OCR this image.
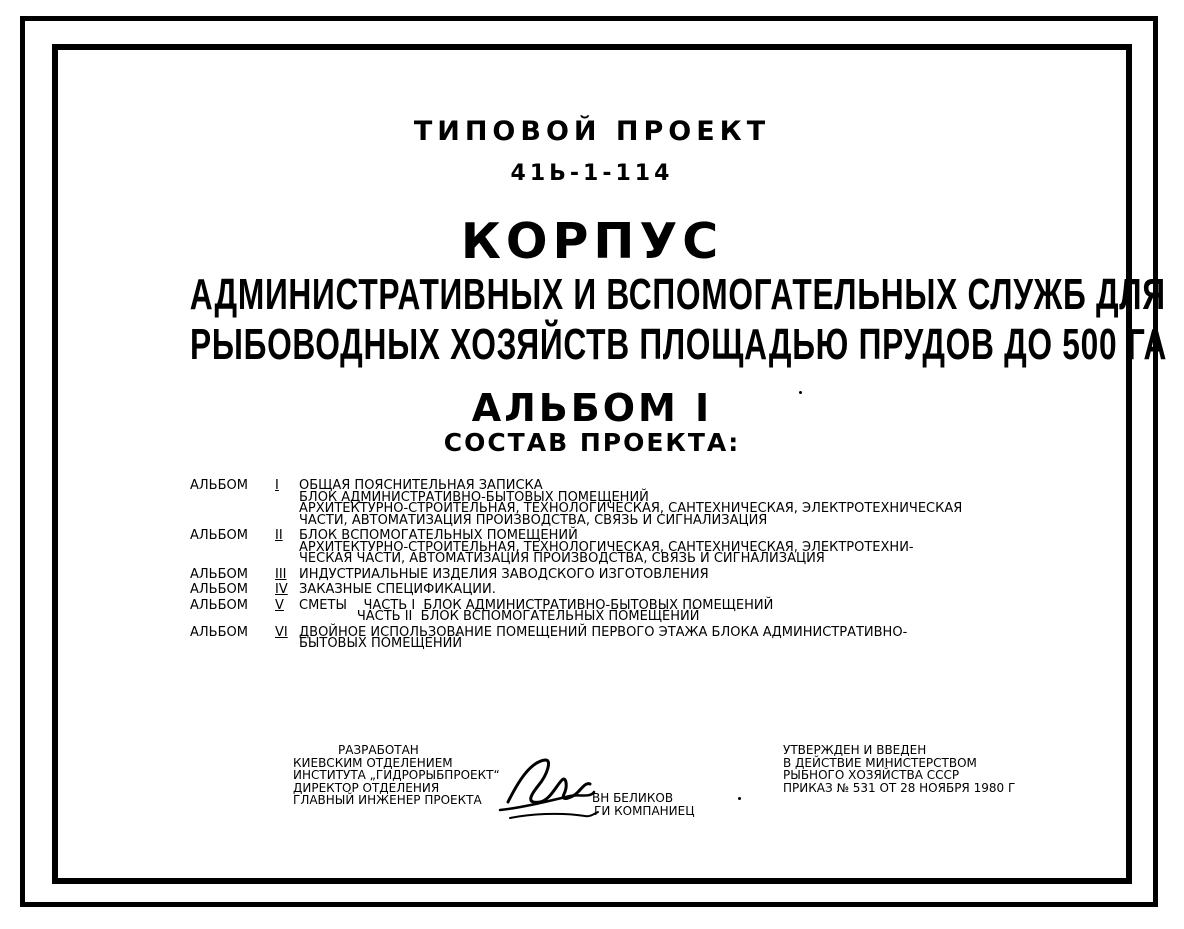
ТИПОВОЙ ПРОЕКТ
41Ь-1-114
КОРПУС
АДМИНИСТРАТИВНЫХ И ВСПОМОГАТЕЛЬНЫХ СЛУЖБ ДЛЯ
РЫБОВОДНЫХ ХОЗЯЙСТВ ПЛОЩАДЬЮ ПРУДОВ ДО 500 ГА
АЛЬБОМ I
СОСТАВ ПРОЕКТА:
АЛЬБОМ	I	ОБЩАЯ ПОЯСНИТЕЛЬНАЯ ЗАПИСКА
БЛОК АДМИНИСТРАТИВНО-БЫТОВЫХ ПОМЕЩЕНИЙ
АРХИТЕКТУРНО-СТРОИТЕЛЬНАЯ, ТЕХНОЛОГИЧЕСКАЯ, САНТЕХНИЧЕСКАЯ, ЭЛЕКТРОТЕХНИЧЕСКАЯ
ЧАСТИ, АВТОМАТИЗАЦИЯ ПРОИЗВОДСТВА, СВЯЗЬ И СИГНАЛИЗАЦИЯ
АЛЬБОМ	II	БЛОК ВСПОМОГАТЕЛЬНЫХ ПОМЕЩЕНИЙ
АРХИТЕКТУРНО-СТРОИТЕЛЬНАЯ, ТЕХНОЛОГИЧЕСКАЯ, САНТЕХНИЧЕСКАЯ, ЭЛЕКТРОТЕХНИ-
ЧЕСКАЯ ЧАСТИ, АВТОМАТИЗАЦИЯ ПРОИЗВОДСТВА, СВЯЗЬ И СИГНАЛИЗАЦИЯ
АЛЬБОМ	III ИНДУСТРИАЛЬНЫЕ ИЗДЕЛИЯ ЗАВОДСКОГО ИЗГОТОВЛЕНИЯ
АЛЬБОМ	IV ЗАКАЗНЫЕ СПЕЦИФИКАЦИИ.
АЛЬБОМ	V	СМЕТЫ    ЧАСТЬ I  БЛОК АДМИНИСТРАТИВНО-БЫТОВЫХ ПОМЕЩЕНИЙ
ЧАСТЬ II  БЛОК ВСПОМОГАТЕЛЬНЫХ ПОМЕЩЕНИЙ
АЛЬБОМ	VI ДВОЙНОЕ ИСПОЛЬЗОВАНИЕ ПОМЕЩЕНИЙ ПЕРВОГО ЭТАЖА БЛОКА АДМИНИСТРАТИВНО-
БЫТОВЫХ ПОМЕЩЕНИЙ
РАЗРАБОТАН
КИЕВСКИМ ОТДЕЛЕНИЕМ
ИНСТИТУТА „ГИДРОРЫБПРОЕКТ“
ДИРЕКТОР ОТДЕЛЕНИЯ
ГЛАВНЫЙ ИНЖЕНЕР ПРОЕКТА	ВН БЕЛИКОВ
ГИ КОМПАНИЕЦ
УТВЕРЖДЕН И ВВЕДЕН
В ДЕЙСТВИЕ МИНИСТЕРСТВОМ
РЫБНОГО ХОЗЯЙСТВА СССР
ПРИКАЗ № 531 ОТ 28 НОЯБРЯ 1980 Г
